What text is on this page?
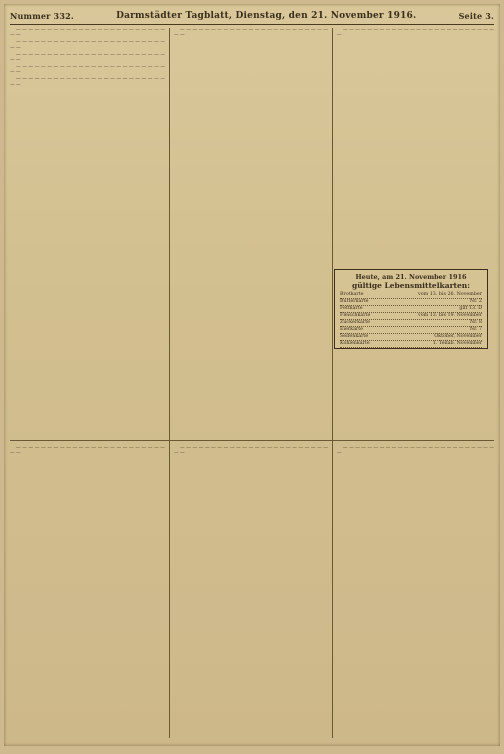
Nummer 332.	Darmstädter Tagblatt, Dienstag, den 21. November 1916.	Seite 3.

— — — — — — — — — — — — — — — — — — — — — — — — — —

— — — — — — — — — — — — — — — — — — — — — — — — — —

— — — — — — — — — — — — — — — — — — — — — — — — — —

— — — — — — — — — — — — — — — — — — — — — — — — — —

— — — — — — — — — — — — — — — — — — — — — — — — — —

— — — — — — — — — — — — — — — — — — — — — — — — — —

— — — — — — — — — — — — — — — — — — — — — — — — — —

— — — — — — — — — — — — — — — — — — — — — — — — — —

— — — — — — — — — — — — — — — — — — — — — — — — — —

— — — — — — — — — — — — — — — — — — — — — — — — — —

Heute, am 21. November 1916
gültige Lebensmittelkarten:
Brotkarte	vom 13. bis 26. November
Butterkarte	Nr. 2
Fettkarte	gilt 13. D
Fleischkarte	vom 13. bis 19. November
Zuckerkarte	Nr. 8
Eierkarte	Nr. 7
Seifenkarte	Oktober, November
Kohlenkarte	1. Teilab. November
